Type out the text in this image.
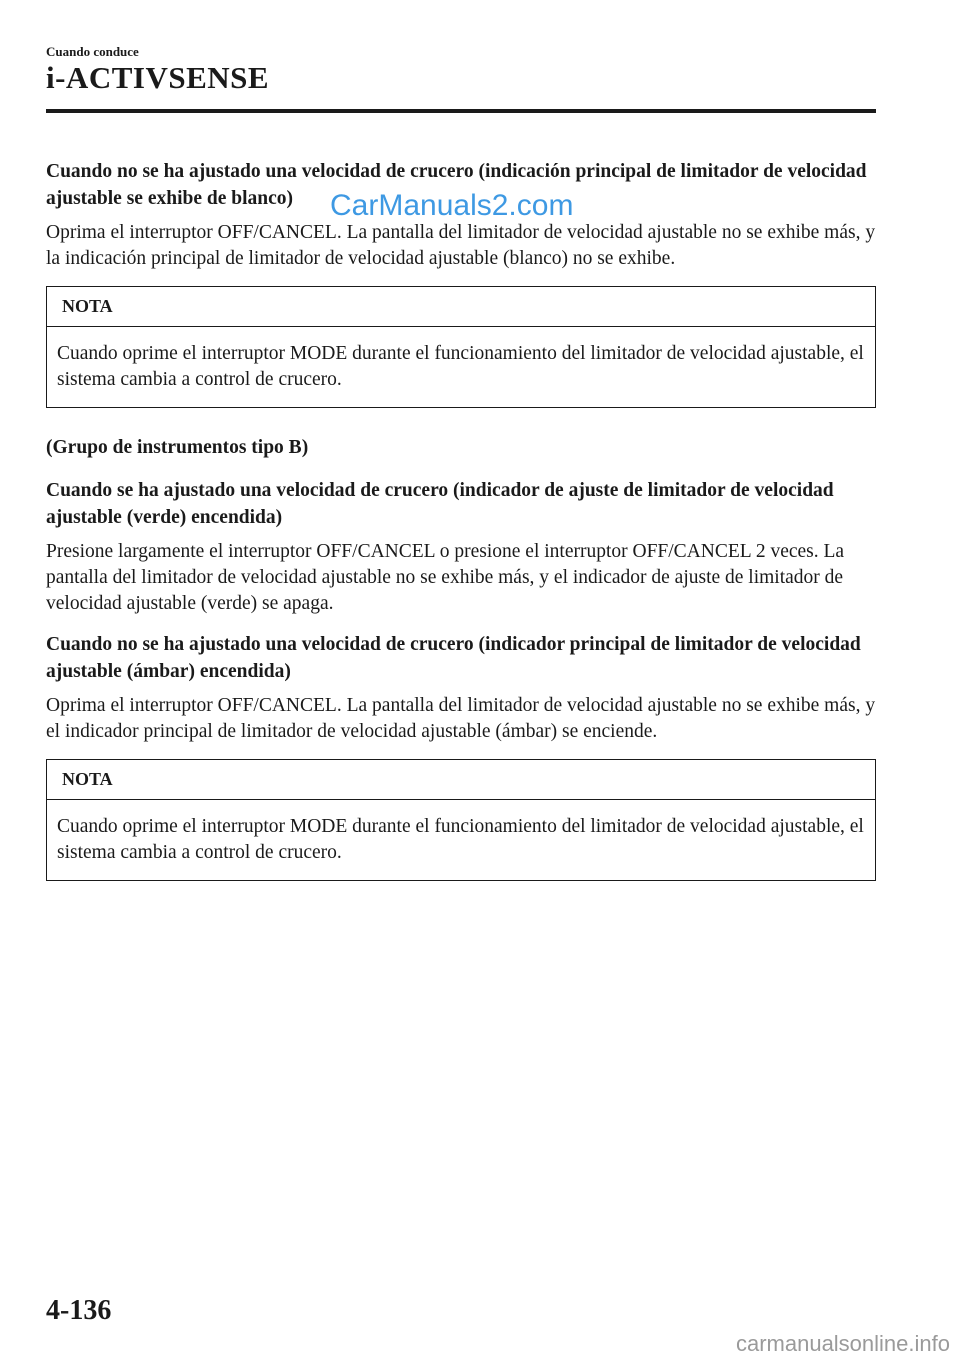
Cuando conduce
i-ACTIVSENSE
Cuando no se ha ajustado una velocidad de crucero (indicación principal de limitador de velocidad ajustable se exhibe de blanco)

Oprima el interruptor OFF/CANCEL. La pantalla del limitador de velocidad ajustable no se exhibe más, y la indicación principal de limitador de velocidad ajustable (blanco) no se exhibe.

NOTA
Cuando oprime el interruptor MODE durante el funcionamiento del limitador de velocidad ajustable, el sistema cambia a control de crucero.
(Grupo de instrumentos tipo B)
Cuando se ha ajustado una velocidad de crucero (indicador de ajuste de limitador de velocidad ajustable (verde) encendida)

Presione largamente el interruptor OFF/CANCEL o presione el interruptor OFF/CANCEL 2 veces. La pantalla del limitador de velocidad ajustable no se exhibe más, y el indicador de ajuste de limitador de velocidad ajustable (verde) se apaga.

Cuando no se ha ajustado una velocidad de crucero (indicador principal de limitador de velocidad ajustable (ámbar) encendida)

Oprima el interruptor OFF/CANCEL. La pantalla del limitador de velocidad ajustable no se exhibe más, y el indicador principal de limitador de velocidad ajustable (ámbar) se enciende.

NOTA
Cuando oprime el interruptor MODE durante el funcionamiento del limitador de velocidad ajustable, el sistema cambia a control de crucero.
CarManuals2.com
4-136
carmanualsonline.info
